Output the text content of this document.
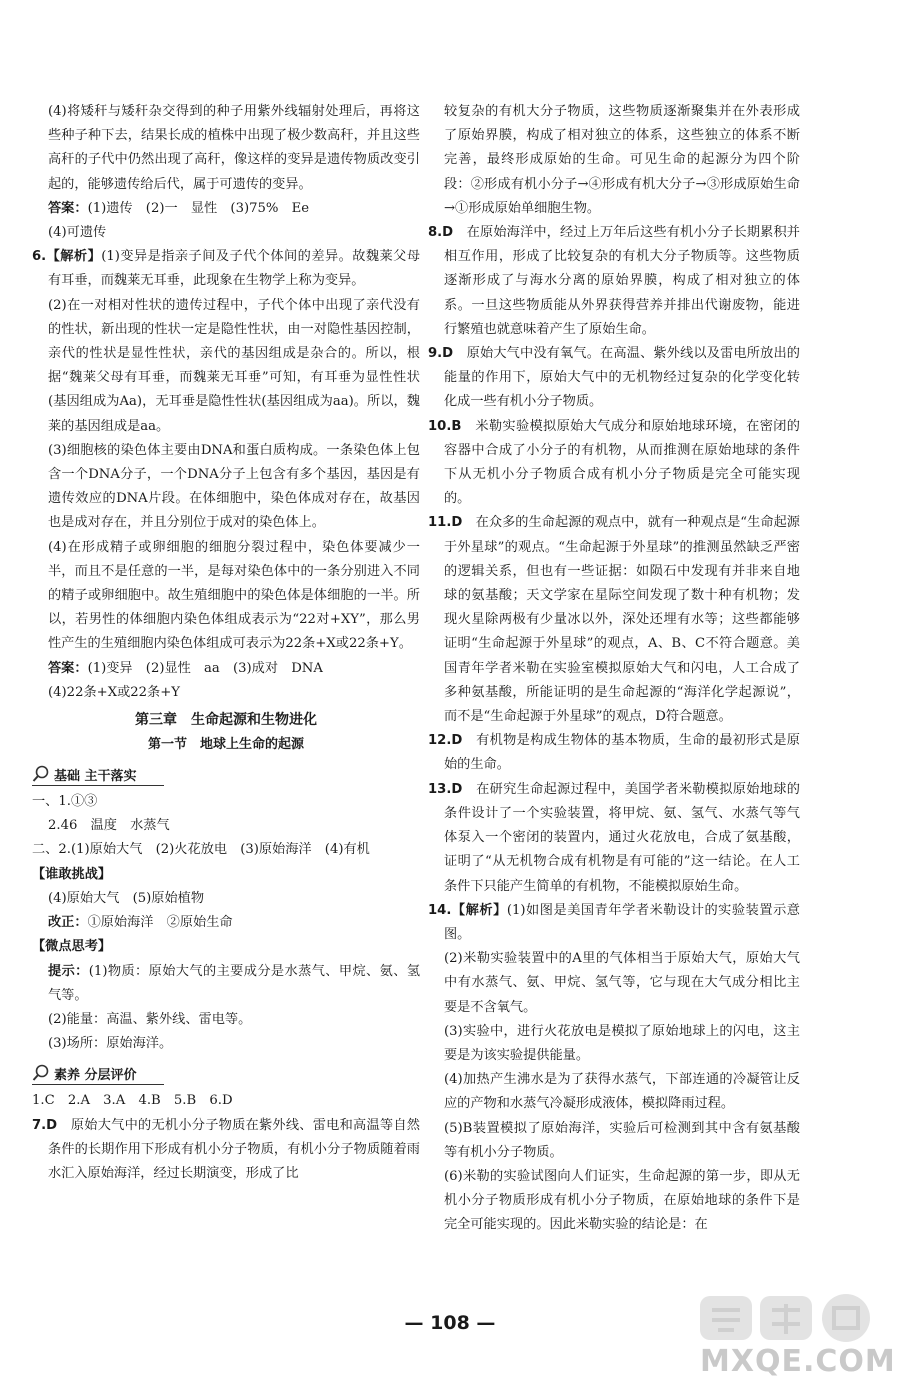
(4)将矮秆与矮秆杂交得到的种子用紫外线辐射处理后，再将这些种子种下去，结果长成的植株中出现了极少数高秆，并且这些高秆的子代中仍然出现了高秆，像这样的变异是遗传物质改变引起的，能够遗传给后代，属于可遗传的变异。

答案：(1)遗传　(2)一　显性　(3)75%　Ee

(4)可遗传

6.【解析】(1)变异是指亲子间及子代个体间的差异。故魏莱父母有耳垂，而魏莱无耳垂，此现象在生物学上称为变异。

(2)在一对相对性状的遗传过程中，子代个体中出现了亲代没有的性状，新出现的性状一定是隐性性状，由一对隐性基因控制，亲代的性状是显性性状，亲代的基因组成是杂合的。所以，根据“魏莱父母有耳垂，而魏莱无耳垂”可知，有耳垂为显性性状(基因组成为Aa)，无耳垂是隐性性状(基因组成为aa)。所以，魏莱的基因组成是aa。

(3)细胞核的染色体主要由DNA和蛋白质构成。一条染色体上包含一个DNA分子，一个DNA分子上包含有多个基因，基因是有遗传效应的DNA片段。在体细胞中，染色体成对存在，故基因也是成对存在，并且分别位于成对的染色体上。

(4)在形成精子或卵细胞的细胞分裂过程中，染色体要减少一半，而且不是任意的一半，是每对染色体中的一条分别进入不同的精子或卵细胞中。故生殖细胞中的染色体是体细胞的一半。所以，若男性的体细胞内染色体组成表示为“22对+XY”，那么男性产生的生殖细胞内染色体组成可表示为22条+X或22条+Y。

答案：(1)变异　(2)显性　aa　(3)成对　DNA

(4)22条+X或22条+Y

第三章　生命起源和生物进化
第一节　地球上生命的起源
基础 主干落实

一、1.①③

2.46　温度　水蒸气

二、2.(1)原始大气　(2)火花放电　(3)原始海洋　(4)有机

【谁敢挑战】

(4)原始大气　(5)原始植物

改正：①原始海洋　②原始生命

【微点思考】

提示：(1)物质：原始大气的主要成分是水蒸气、甲烷、氨、氢气等。

(2)能量：高温、紫外线、雷电等。

(3)场所：原始海洋。

素养 分层评价

1.C　2.A　3.A　4.B　5.B　6.D

7.D　原始大气中的无机小分子物质在紫外线、雷电和高温等自然条件的长期作用下形成有机小分子物质，有机小分子物质随着雨水汇入原始海洋，经过长期演变，形成了比

较复杂的有机大分子物质，这些物质逐渐聚集并在外表形成了原始界膜，构成了相对独立的体系，这些独立的体系不断完善，最终形成原始的生命。可见生命的起源分为四个阶段：②形成有机小分子→④形成有机大分子→③形成原始生命→①形成原始单细胞生物。

8.D　在原始海洋中，经过上万年后这些有机小分子长期累积并相互作用，形成了比较复杂的有机大分子物质等。这些物质逐渐形成了与海水分离的原始界膜，构成了相对独立的体系。一旦这些物质能从外界获得营养并排出代谢废物，能进行繁殖也就意味着产生了原始生命。

9.D　原始大气中没有氧气。在高温、紫外线以及雷电所放出的能量的作用下，原始大气中的无机物经过复杂的化学变化转化成一些有机小分子物质。

10.B　米勒实验模拟原始大气成分和原始地球环境，在密闭的容器中合成了小分子的有机物，从而推测在原始地球的条件下从无机小分子物质合成有机小分子物质是完全可能实现的。

11.D　在众多的生命起源的观点中，就有一种观点是“生命起源于外星球”的观点。“生命起源于外星球”的推测虽然缺乏严密的逻辑关系，但也有一些证据：如陨石中发现有并非来自地球的氨基酸；天文学家在星际空间发现了数十种有机物；发现火星除两极有少量冰以外，深处还埋有水等；这些都能够证明“生命起源于外星球”的观点，A、B、C不符合题意。美国青年学者米勒在实验室模拟原始大气和闪电，人工合成了多种氨基酸，所能证明的是生命起源的“海洋化学起源说”，而不是“生命起源于外星球”的观点，D符合题意。

12.D　有机物是构成生物体的基本物质，生命的最初形式是原始的生命。

13.D　在研究生命起源过程中，美国学者米勒模拟原始地球的条件设计了一个实验装置，将甲烷、氨、氢气、水蒸气等气体泵入一个密闭的装置内，通过火花放电，合成了氨基酸，证明了“从无机物合成有机物是有可能的”这一结论。在人工条件下只能产生简单的有机物，不能模拟原始生命。

14.【解析】(1)如图是美国青年学者米勒设计的实验装置示意图。

(2)米勒实验装置中的A里的气体相当于原始大气，原始大气中有水蒸气、氨、甲烷、氢气等，它与现在大气成分相比主要是不含氧气。

(3)实验中，进行火花放电是模拟了原始地球上的闪电，这主要是为该实验提供能量。

(4)加热产生沸水是为了获得水蒸气，下部连通的冷凝管让反应的产物和水蒸气冷凝形成液体，模拟降雨过程。

(5)B装置模拟了原始海洋，实验后可检测到其中含有氨基酸等有机小分子物质。

(6)米勒的实验试图向人们证实，生命起源的第一步，即从无机小分子物质形成有机小分子物质，在原始地球的条件下是完全可能实现的。因此米勒实验的结论是：在

— 108 —
MXQE.COM
